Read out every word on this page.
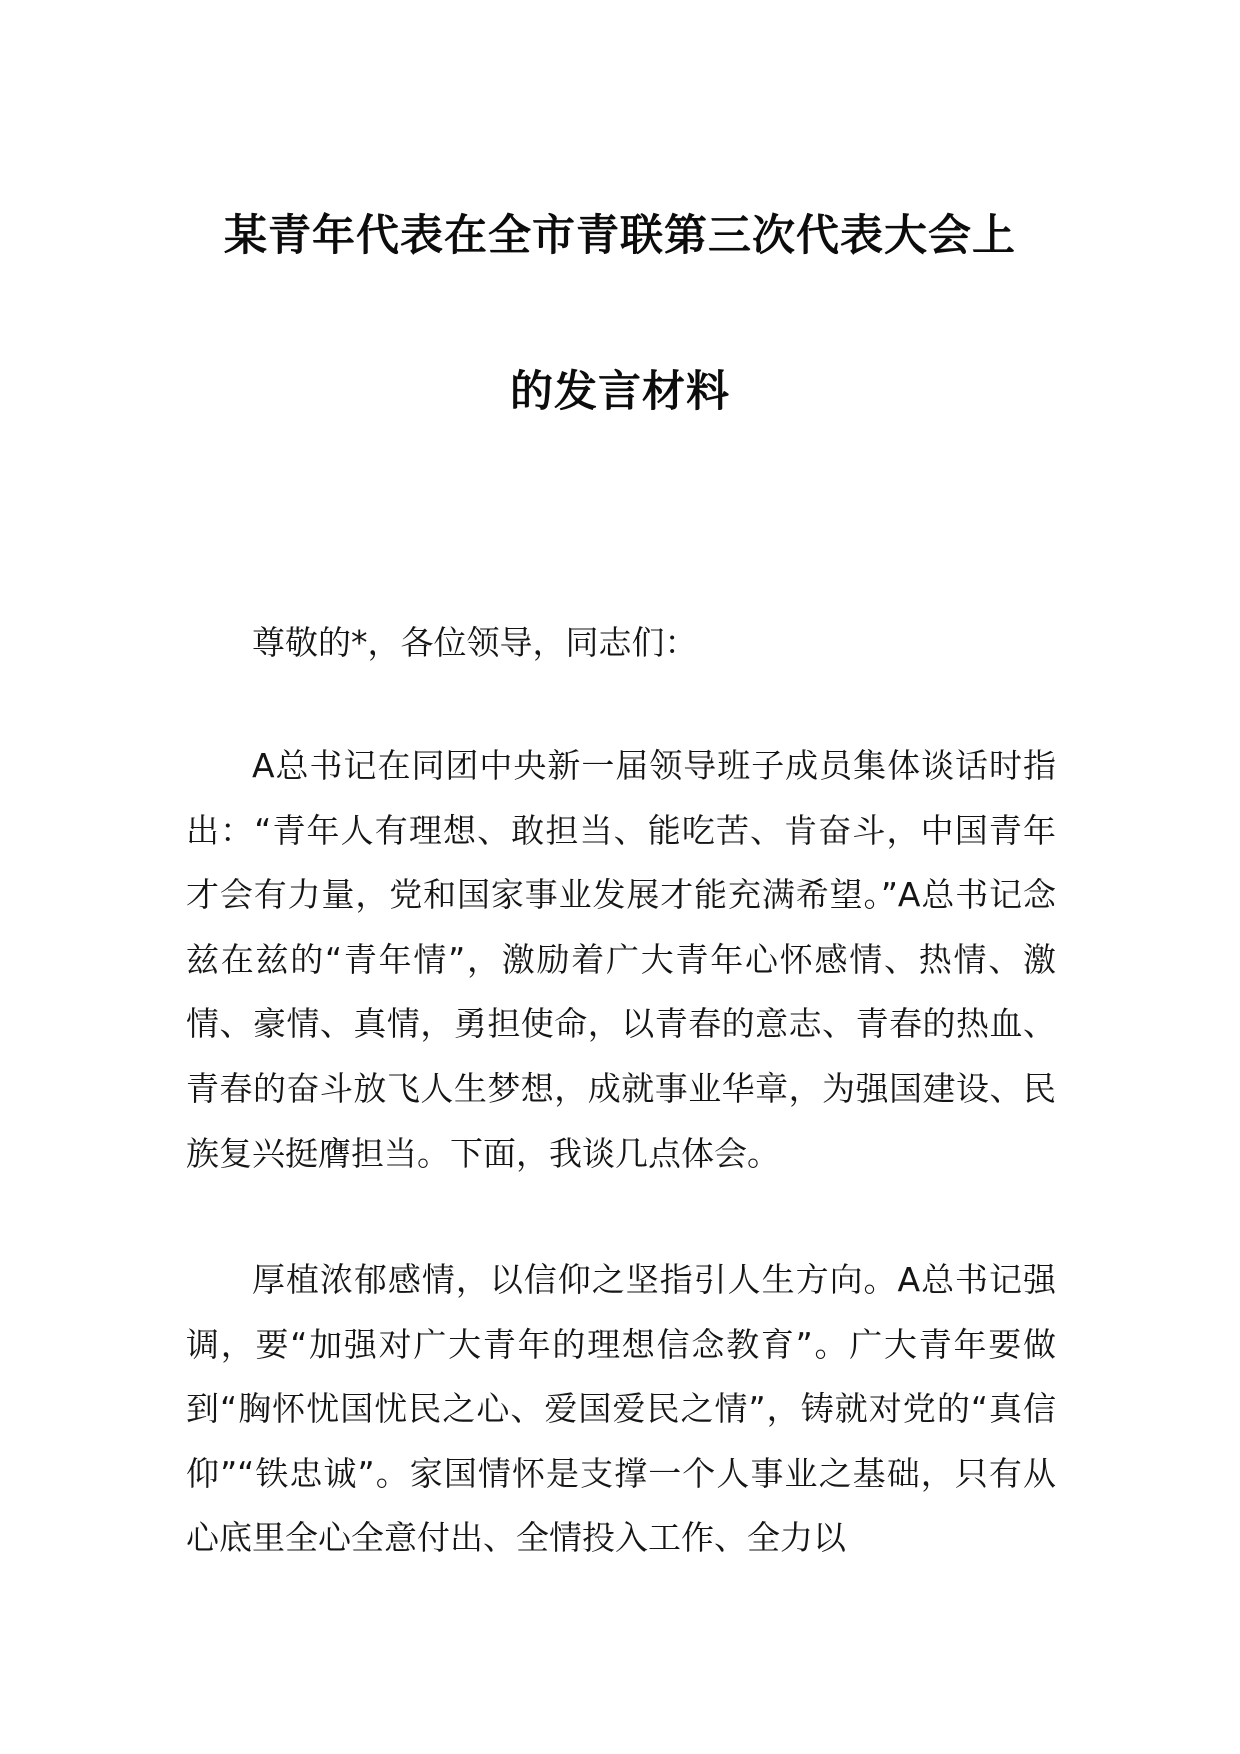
某青年代表在全市青联第三次代表大会上
的发言材料

尊敬的*，各位领导，同志们：

A总书记在同团中央新一届领导班子成员集体谈话时指出：“青年人有理想、敢担当、能吃苦、肯奋斗，中国青年才会有力量，党和国家事业发展才能充满希望。”A总书记念兹在兹的“青年情”，激励着广大青年心怀感情、热情、激情、豪情、真情，勇担使命，以青春的意志、青春的热血、青春的奋斗放飞人生梦想，成就事业华章，为强国建设、民族复兴挺膺担当。下面，我谈几点体会。

厚植浓郁感情，以信仰之坚指引人生方向。A总书记强调，要“加强对广大青年的理想信念教育”。广大青年要做到“胸怀忧国忧民之心、爱国爱民之情”，铸就对党的“真信仰”“铁忠诚”。家国情怀是支撑一个人事业之基础，只有从心底里全心全意付出、全情投入工作、全力以
